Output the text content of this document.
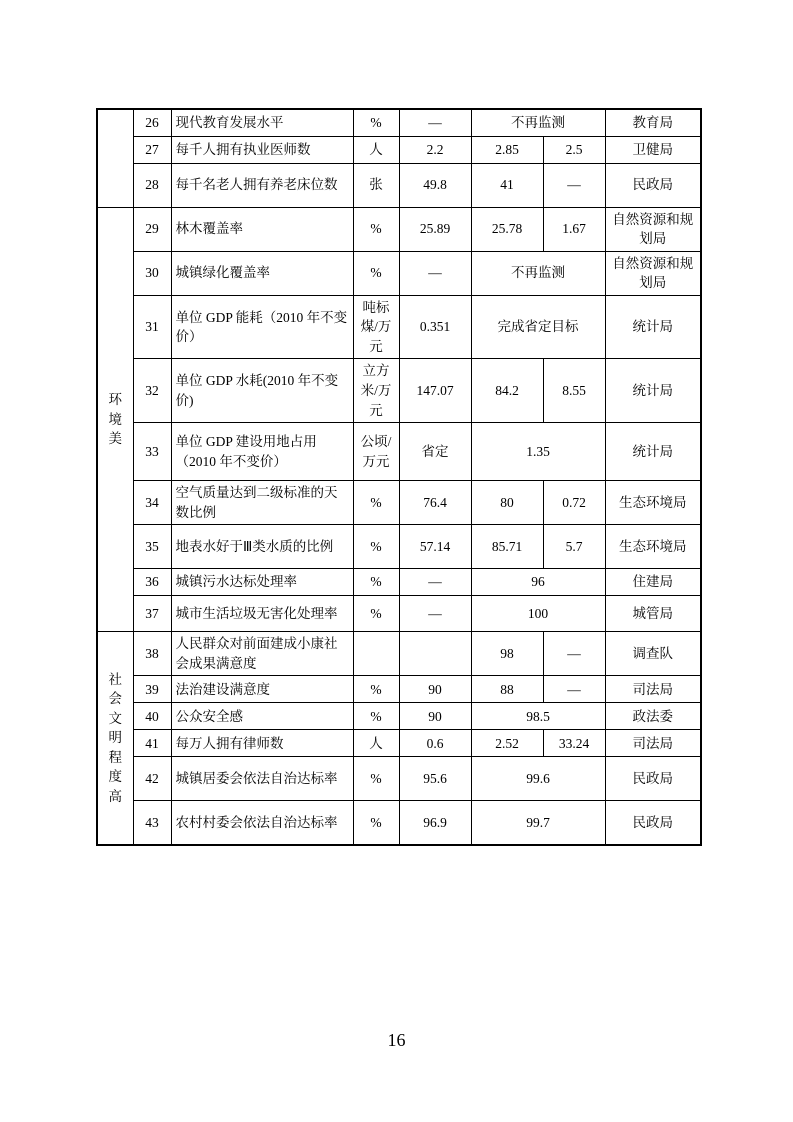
	26	现代教育发展水平	%	—	不再监测		教育局
	27	每千人拥有执业医师数	人	2.2	2.85	2.5	卫健局
	28	每千名老人拥有养老床位数	张	49.8	41	—	民政局

环
境
美	29	林木覆盖率	%	25.89	25.78	1.67	自然资源和规划局
	30	城镇绿化覆盖率	%	—	不再监测		自然资源和规划局
	31	单位 GDP 能耗（2010 年不变价）	吨标煤/万元	0.351	完成省定目标		统计局
	32	单位 GDP 水耗(2010 年不变价)	立方米/万元	147.07	84.2	8.55	统计局
	33	单位 GDP 建设用地占用（2010 年不变价）	公顷/万元	省定	1.35		统计局
	34	空气质量达到二级标准的天数比例	%	76.4	80	0.72	生态环境局
	35	地表水好于Ⅲ类水质的比例	%	57.14	85.71	5.7	生态环境局
	36	城镇污水达标处理率	%	—	96		住建局
	37	城市生活垃圾无害化处理率	%	—	100		城管局

社
会
文
明
程
度
高
	38	人民群众对前面建成小康社会成果满意度			98	—	调查队
	39	法治建设满意度	%	90	88	—	司法局
	40	公众安全感	%	90	98.5		政法委
	41	每万人拥有律师数	人	0.6	2.52	33.24	司法局
	42	城镇居委会依法自治达标率	%	95.6	99.6		民政局
	43	农村村委会依法自治达标率	%	96.9	99.7		民政局
16
